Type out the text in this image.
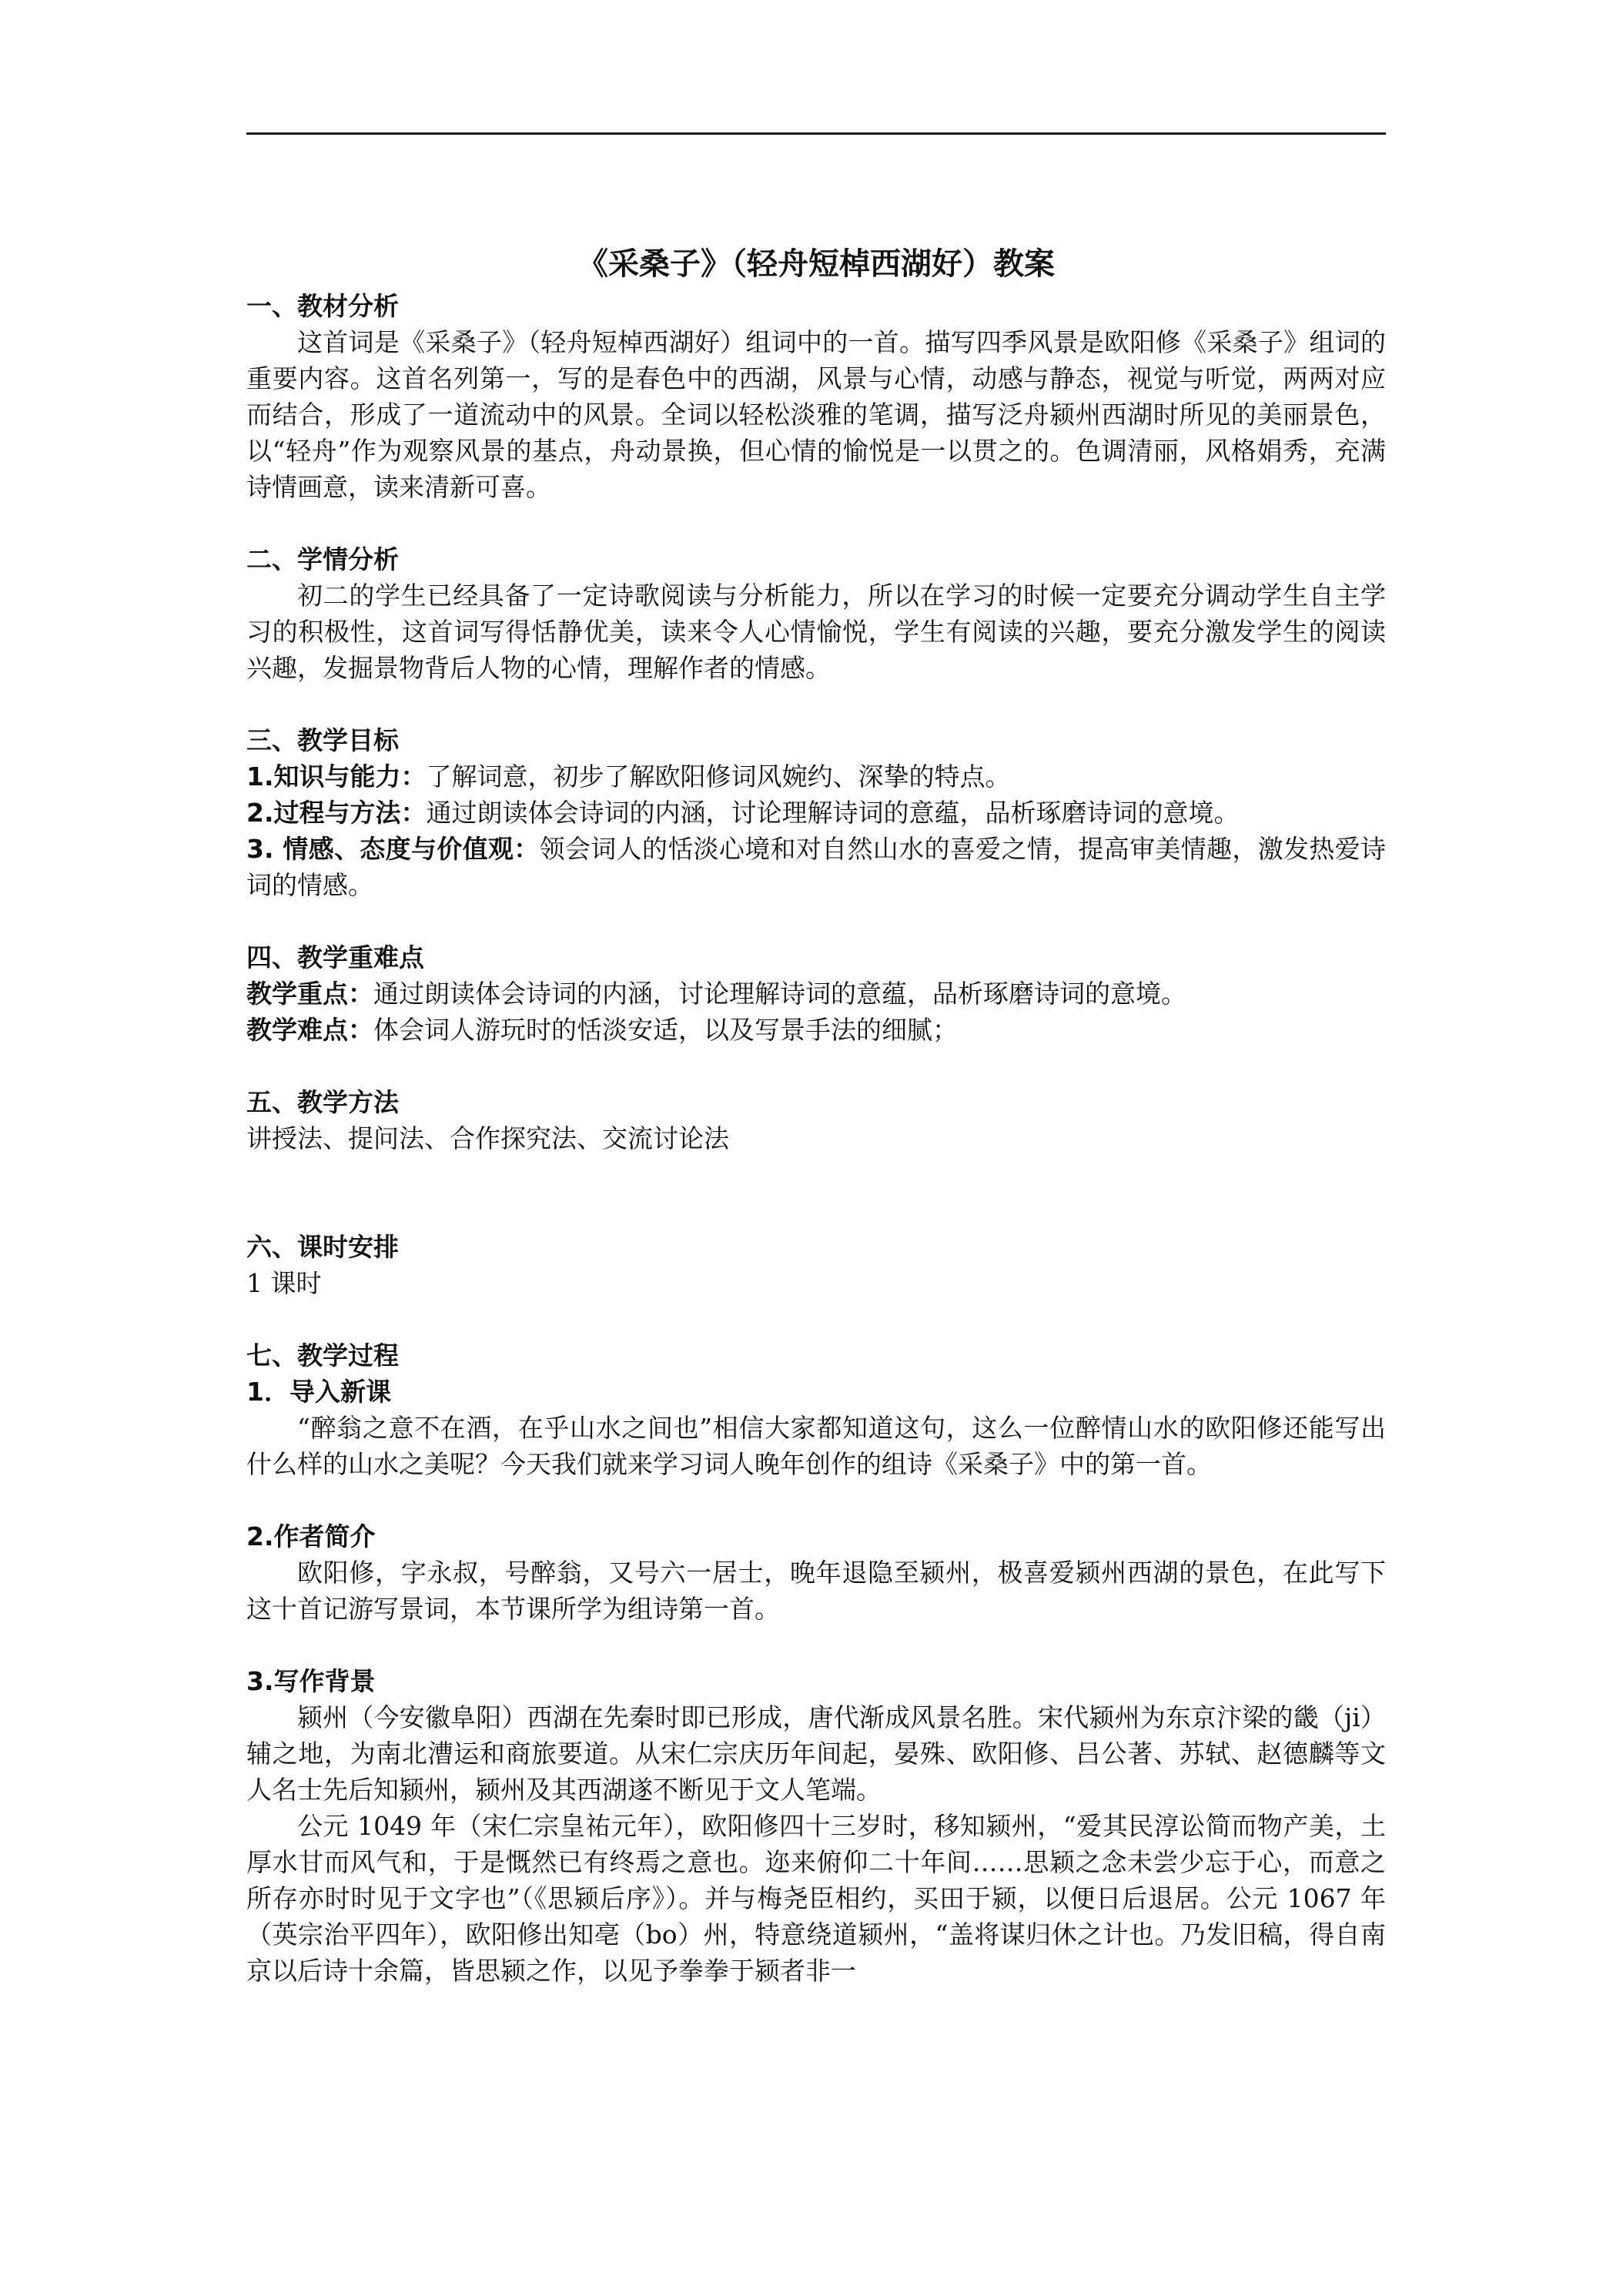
《采桑子》（轻舟短棹西湖好）教案
一、教材分析

这首词是《采桑子》（轻舟短棹西湖好）组词中的一首。描写四季风景是欧阳修《采桑子》组词的重要内容。这首名列第一，写的是春色中的西湖，风景与心情，动感与静态，视觉与听觉，两两对应而结合，形成了一道流动中的风景。全词以轻松淡雅的笔调，描写泛舟颍州西湖时所见的美丽景色，以“轻舟”作为观察风景的基点，舟动景换，但心情的愉悦是一以贯之的。色调清丽，风格娟秀，充满诗情画意，读来清新可喜。

二、学情分析

初二的学生已经具备了一定诗歌阅读与分析能力，所以在学习的时候一定要充分调动学生自主学习的积极性，这首词写得恬静优美，读来令人心情愉悦，学生有阅读的兴趣，要充分激发学生的阅读兴趣，发掘景物背后人物的心情，理解作者的情感。

三、教学目标

1.知识与能力：了解词意，初步了解欧阳修词风婉约、深挚的特点。

2.过程与方法：通过朗读体会诗词的内涵，讨论理解诗词的意蕴，品析琢磨诗词的意境。

3. 情感、态度与价值观：领会词人的恬淡心境和对自然山水的喜爱之情，提高审美情趣，激发热爱诗词的情感。

四、教学重难点

教学重点：通过朗读体会诗词的内涵，讨论理解诗词的意蕴，品析琢磨诗词的意境。

教学难点：体会词人游玩时的恬淡安适，以及写景手法的细腻；

五、教学方法

讲授法、提问法、合作探究法、交流讨论法

六、课时安排

1 课时

七、教学过程
1．导入新课

“醉翁之意不在酒，在乎山水之间也”相信大家都知道这句，这么一位醉情山水的欧阳修还能写出什么样的山水之美呢？今天我们就来学习词人晚年创作的组诗《采桑子》中的第一首。

2.作者简介

欧阳修，字永叔，号醉翁，又号六一居士，晚年退隐至颍州，极喜爱颍州西湖的景色，在此写下这十首记游写景词，本节课所学为组诗第一首。

3.写作背景

颍州（今安徽阜阳）西湖在先秦时即已形成，唐代渐成风景名胜。宋代颍州为东京汴梁的畿（ji）辅之地，为南北漕运和商旅要道。从宋仁宗庆历年间起，晏殊、欧阳修、吕公著、苏轼、赵德麟等文人名士先后知颍州，颍州及其西湖遂不断见于文人笔端。

公元 1049 年（宋仁宗皇祐元年），欧阳修四十三岁时，移知颍州，“爱其民淳讼简而物产美，土厚水甘而风气和，于是慨然已有终焉之意也。迩来俯仰二十年间……思颖之念未尝少忘于心，而意之所存亦时时见于文字也”（《思颍后序》）。并与梅尧臣相约，买田于颍，以便日后退居。公元 1067 年（英宗治平四年），欧阳修出知亳（bo）州，特意绕道颍州，“盖将谋归休之计也。乃发旧稿，得自南京以后诗十余篇，皆思颍之作，以见予拳拳于颍者非一
